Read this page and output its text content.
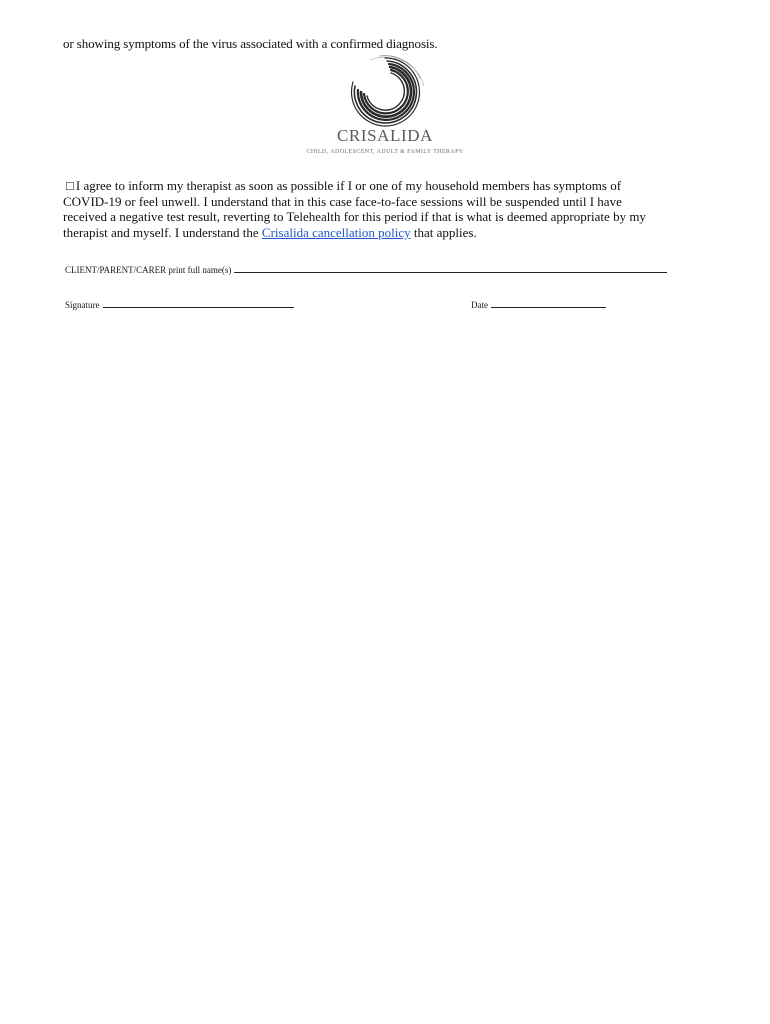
or showing symptoms of the virus associated with a confirmed diagnosis.
CRISALIDA
CHILD, ADOLESCENT, ADULT & FAMILY THERAPY
□ I agree to inform my therapist as soon as possible if I or one of my household members has symptoms of
COVID-19 or feel unwell. I understand that in this case face-to-face sessions will be suspended until I have
received a negative test result, reverting to Telehealth for this period if that is what is deemed appropriate by my
therapist and myself. I understand the Crisalida cancellation policy that applies.
CLIENT/PARENT/CARER print full name(s)
Signature	Date
